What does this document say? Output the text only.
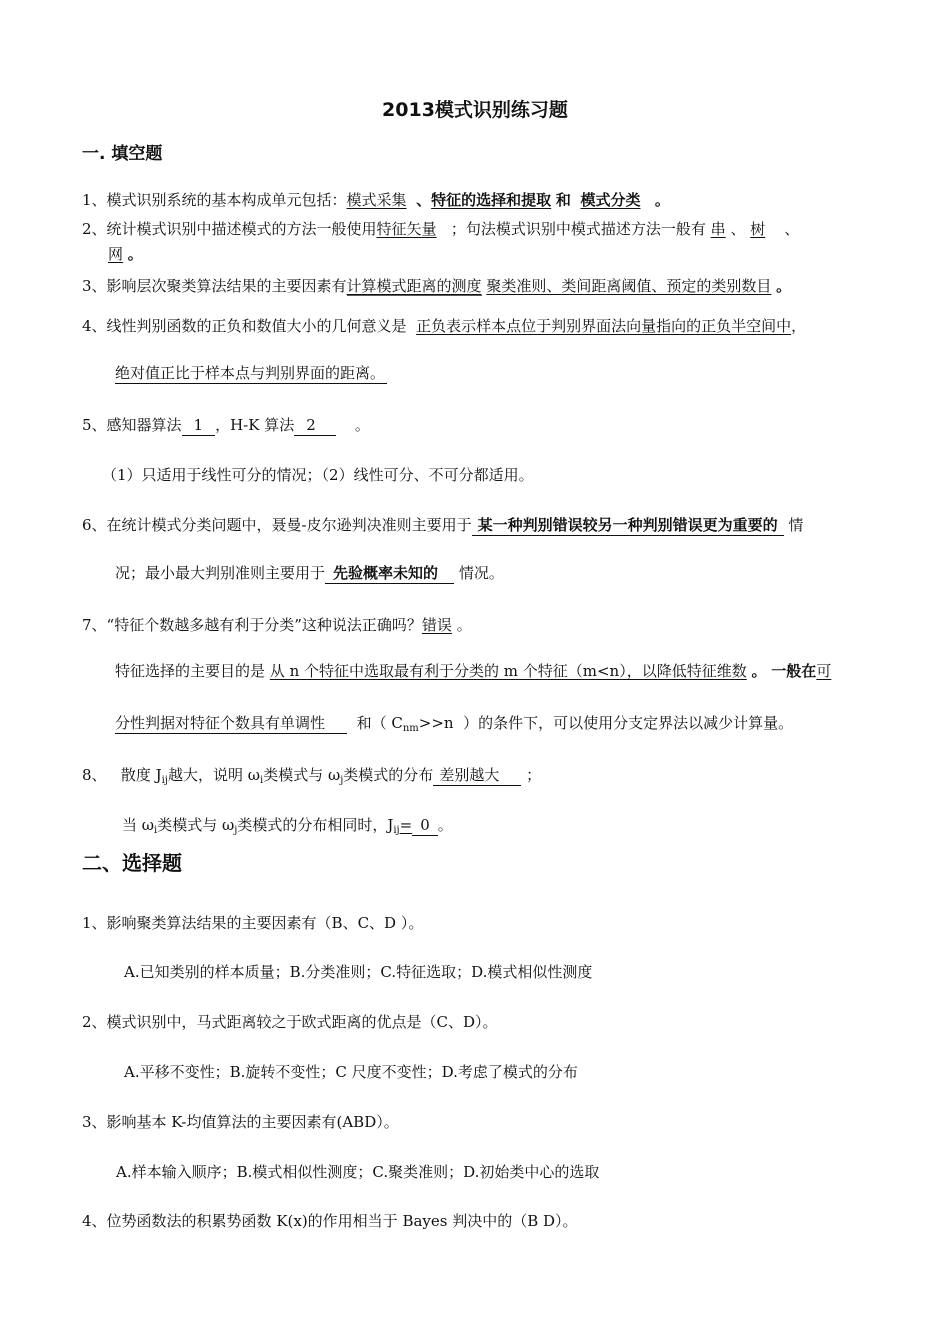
2013模式识别练习题
一. 填空题
1、模式识别系统的基本构成单元包括：模式采集 、特征的选择和提取 和 模式分类 。
2、统计模式识别中描述模式的方法一般使用特征矢量 ；句法模式识别中模式描述方法一般有 串 、 树 、
网 。
3、影响层次聚类算法结果的主要因素有计算模式距离的测度 聚类准则、类间距离阈值、预定的类别数目 。
4、线性判别函数的正负和数值大小的几何意义是 正负表示样本点位于判别界面法向量指向的正负半空间中，
绝对值正比于样本点与判别界面的距离。
5、感知器算法 1 ，H-K 算法 2	。
（1）只适用于线性可分的情况；（2）线性可分、不可分都适用。
6、在统计模式分类问题中，聂曼-皮尔逊判决准则主要用于 某一种判别错误较另一种判别错误更为重要的 情
况；最小最大判别准则主要用于 先验概率未知的 情况。
7、“特征个数越多越有利于分类”这种说法正确吗？错误 。
特征选择的主要目的是 从 n 个特征中选取最有利于分类的 m 个特征（m<n），以降低特征维数 。 一般在可
分性判据对特征个数具有单调性 和（ $C_{nm}>>n$ ）的条件下，可以使用分支定界法以减少计算量。
8、 散度 $J_{ij}$越大，说明 $\omega_i$类模式与 $\omega_j$类模式的分布 差别越大 ；
当 $\omega_i$类模式与 $\omega_j$类模式的分布相同时，$J_{ij}= 0$ 。
二、选择题
1、影响聚类算法结果的主要因素有（B、C、D ）。
A.已知类别的样本质量；B.分类准则；C.特征选取；D.模式相似性测度
2、模式识别中，马式距离较之于欧式距离的优点是（C、D）。
A.平移不变性；B.旋转不变性；C 尺度不变性；D.考虑了模式的分布
3、影响基本 K-均值算法的主要因素有(ABD）。
A.样本输入顺序；B.模式相似性测度；C.聚类准则；D.初始类中心的选取
4、位势函数法的积累势函数 K(x)的作用相当于 Bayes 判决中的（B D）。
